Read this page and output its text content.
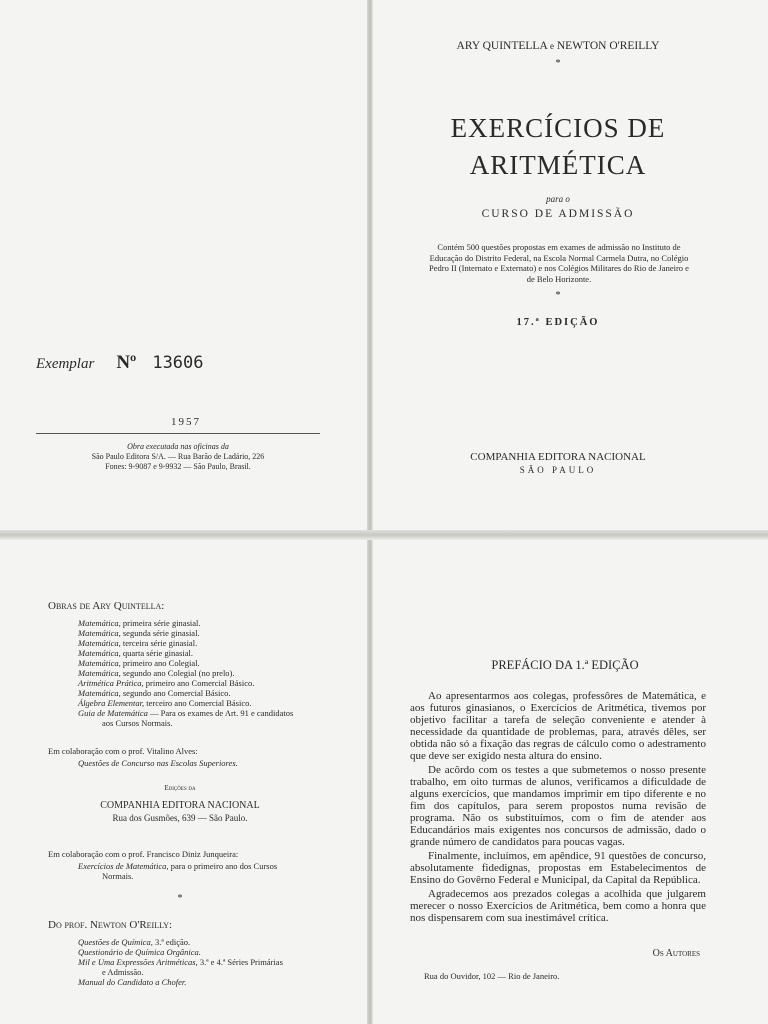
Exemplar Nº 13606
1957
Obra executada nas oficinas da
São Paulo Editora S/A. — Rua Barão de Ladário, 226
Fones: 9-9087 e 9-9932 — São Paulo, Brasil.
ARY QUINTELLA e NEWTON O'REILLY
*
EXERCÍCIOS DE
ARITMÉTICA
para o
CURSO DE ADMISSÃO
Contém 500 questões propostas em exames de admissão no Instituto de Educação do Distrito Federal, na Escola Normal Carmela Dutra, no Colégio Pedro II (Internato e Externato) e nos Colégios Militares do Rio de Janeiro e de Belo Horizonte.
*
17.ª EDIÇÃO
COMPANHIA EDITORA NACIONAL
SÃO PAULO
Obras de Ary Quintella:
Matemática, primeira série ginasial.
Matemática, segunda série ginasial.
Matemática, terceira série ginasial.
Matemática, quarta série ginasial.
Matemática, primeiro ano Colegial.
Matemática, segundo ano Colegial (no prelo).
Aritmética Prática, primeiro ano Comercial Básico.
Matemática, segundo ano Comercial Básico.
Álgebra Elementar, terceiro ano Comercial Básico.
Guia de Matemática — Para os exames de Art. 91 e candidatos
aos Cursos Normais.
Em colaboração com o prof. Vitalino Alves:
Questões de Concurso nas Escolas Superiores.
Edições da
COMPANHIA EDITORA NACIONAL
Rua dos Gusmões, 639 — São Paulo.
Em colaboração com o prof. Francisco Diniz Junqueira:
Exercícios de Matemática, para o primeiro ano dos Cursos
Normais.
*
Do prof. Newton O'Reilly:
Questões de Química, 3.ª edição.
Questionário de Química Orgânica.
Mil e Uma Expressões Aritméticas, 3.ª e 4.ª Séries Primárias
e Admissão.
Manual do Candidato a Chofer.
PREFÁCIO DA 1.ª EDIÇÃO
Ao apresentarmos aos colegas, professôres de Matemática, e aos futuros ginasianos, o Exercícios de Aritmética, tivemos por objetivo facilitar a tarefa de seleção conveniente e atender à necessidade da quantidade de problemas, para, através dêles, ser obtida não só a fixação das regras de cálculo como o adestramento que deve ser exigido nesta altura do ensino.
De acôrdo com os testes a que submetemos o nosso presente trabalho, em oito turmas de alunos, verificamos a dificuldade de alguns exercícios, que mandamos imprimir em tipo diferente e no fim dos capítulos, para serem propostos numa revisão de programa. Não os substituímos, com o fim de atender aos Educandários mais exigentes nos concursos de admissão, dado o grande número de candidatos para poucas vagas.
Finalmente, incluímos, em apêndice, 91 questões de concurso, absolutamente fidedignas, propostas em Estabelecimentos de Ensino do Govêrno Federal e Municipal, da Capital da República.
Agradecemos aos prezados colegas a acolhida que julgarem merecer o nosso Exercícios de Aritmética, bem como a honra que nos dispensarem com sua inestimável crítica.
Os Autores
Rua do Ouvidor, 102 — Rio de Janeiro.
